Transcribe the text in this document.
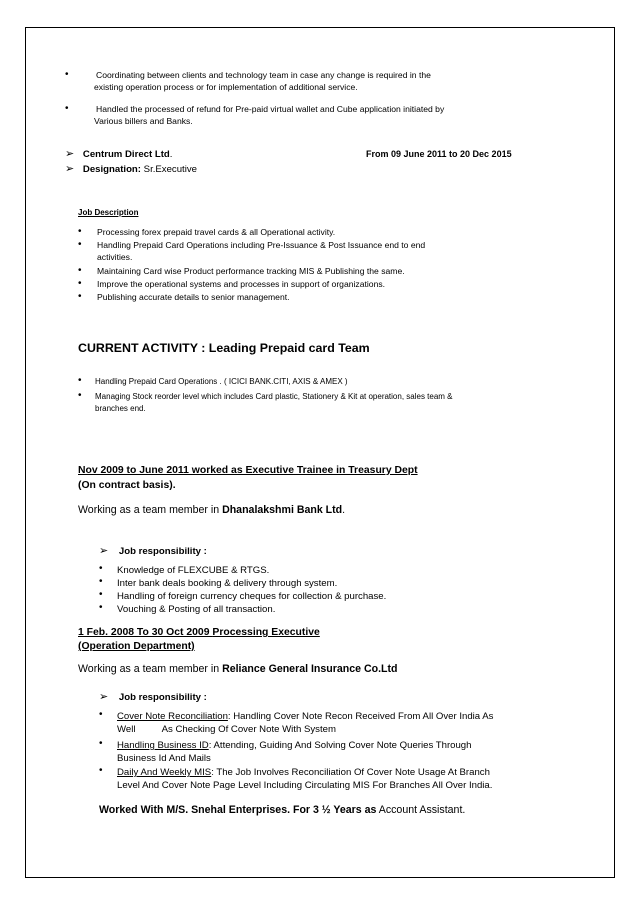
•	Coordinating between clients and technology team in case any change is required in the
existing operation process or for implementation of additional service.
•	Handled the processed of refund for Pre-paid virtual wallet and Cube application initiated by
Various billers and Banks.
➢ Centrum Direct Ltd.	From 09 June 2011 to 20 Dec 2015
➢ Designation: Sr.Executive
Job Description
• Processing forex prepaid travel cards & all Operational activity.
• Handling Prepaid Card Operations including Pre-Issuance & Post Issuance end to end
activities.
• Maintaining Card wise Product performance tracking MIS & Publishing the same.
• Improve the operational systems and processes in support of organizations.
• Publishing accurate details to senior management.
CURRENT ACTIVITY : Leading Prepaid card Team
• Handling Prepaid Card Operations . ( ICICI BANK.CITI, AXIS & AMEX )
• Managing Stock reorder level which includes Card plastic, Stationery & Kit at operation, sales team &
branches end.
Nov 2009 to June 2011 worked as Executive Trainee in Treasury Dept
(On contract basis).
Working as a team member in Dhanalakshmi Bank Ltd.
➢ Job responsibility :
• Knowledge of FLEXCUBE & RTGS.
• Inter bank deals booking & delivery through system.
• Handling of foreign currency cheques for collection & purchase.
• Vouching & Posting of all transaction.
1 Feb. 2008 To 30 Oct 2009 Processing Executive
(Operation Department)
Working as a team member in Reliance General Insurance Co.Ltd
➢ Job responsibility :
• Cover Note Reconciliation: Handling Cover Note Recon Received From All Over India As
Well          As Checking Of Cover Note With System
• Handling Business ID: Attending, Guiding And Solving Cover Note Queries Through
Business Id And Mails
• Daily And Weekly MIS: The Job Involves Reconciliation Of Cover Note Usage At Branch
Level And Cover Note Page Level Including Circulating MIS For Branches All Over India.
Worked With M/S. Snehal Enterprises. For 3 ½ Years as Account Assistant.
